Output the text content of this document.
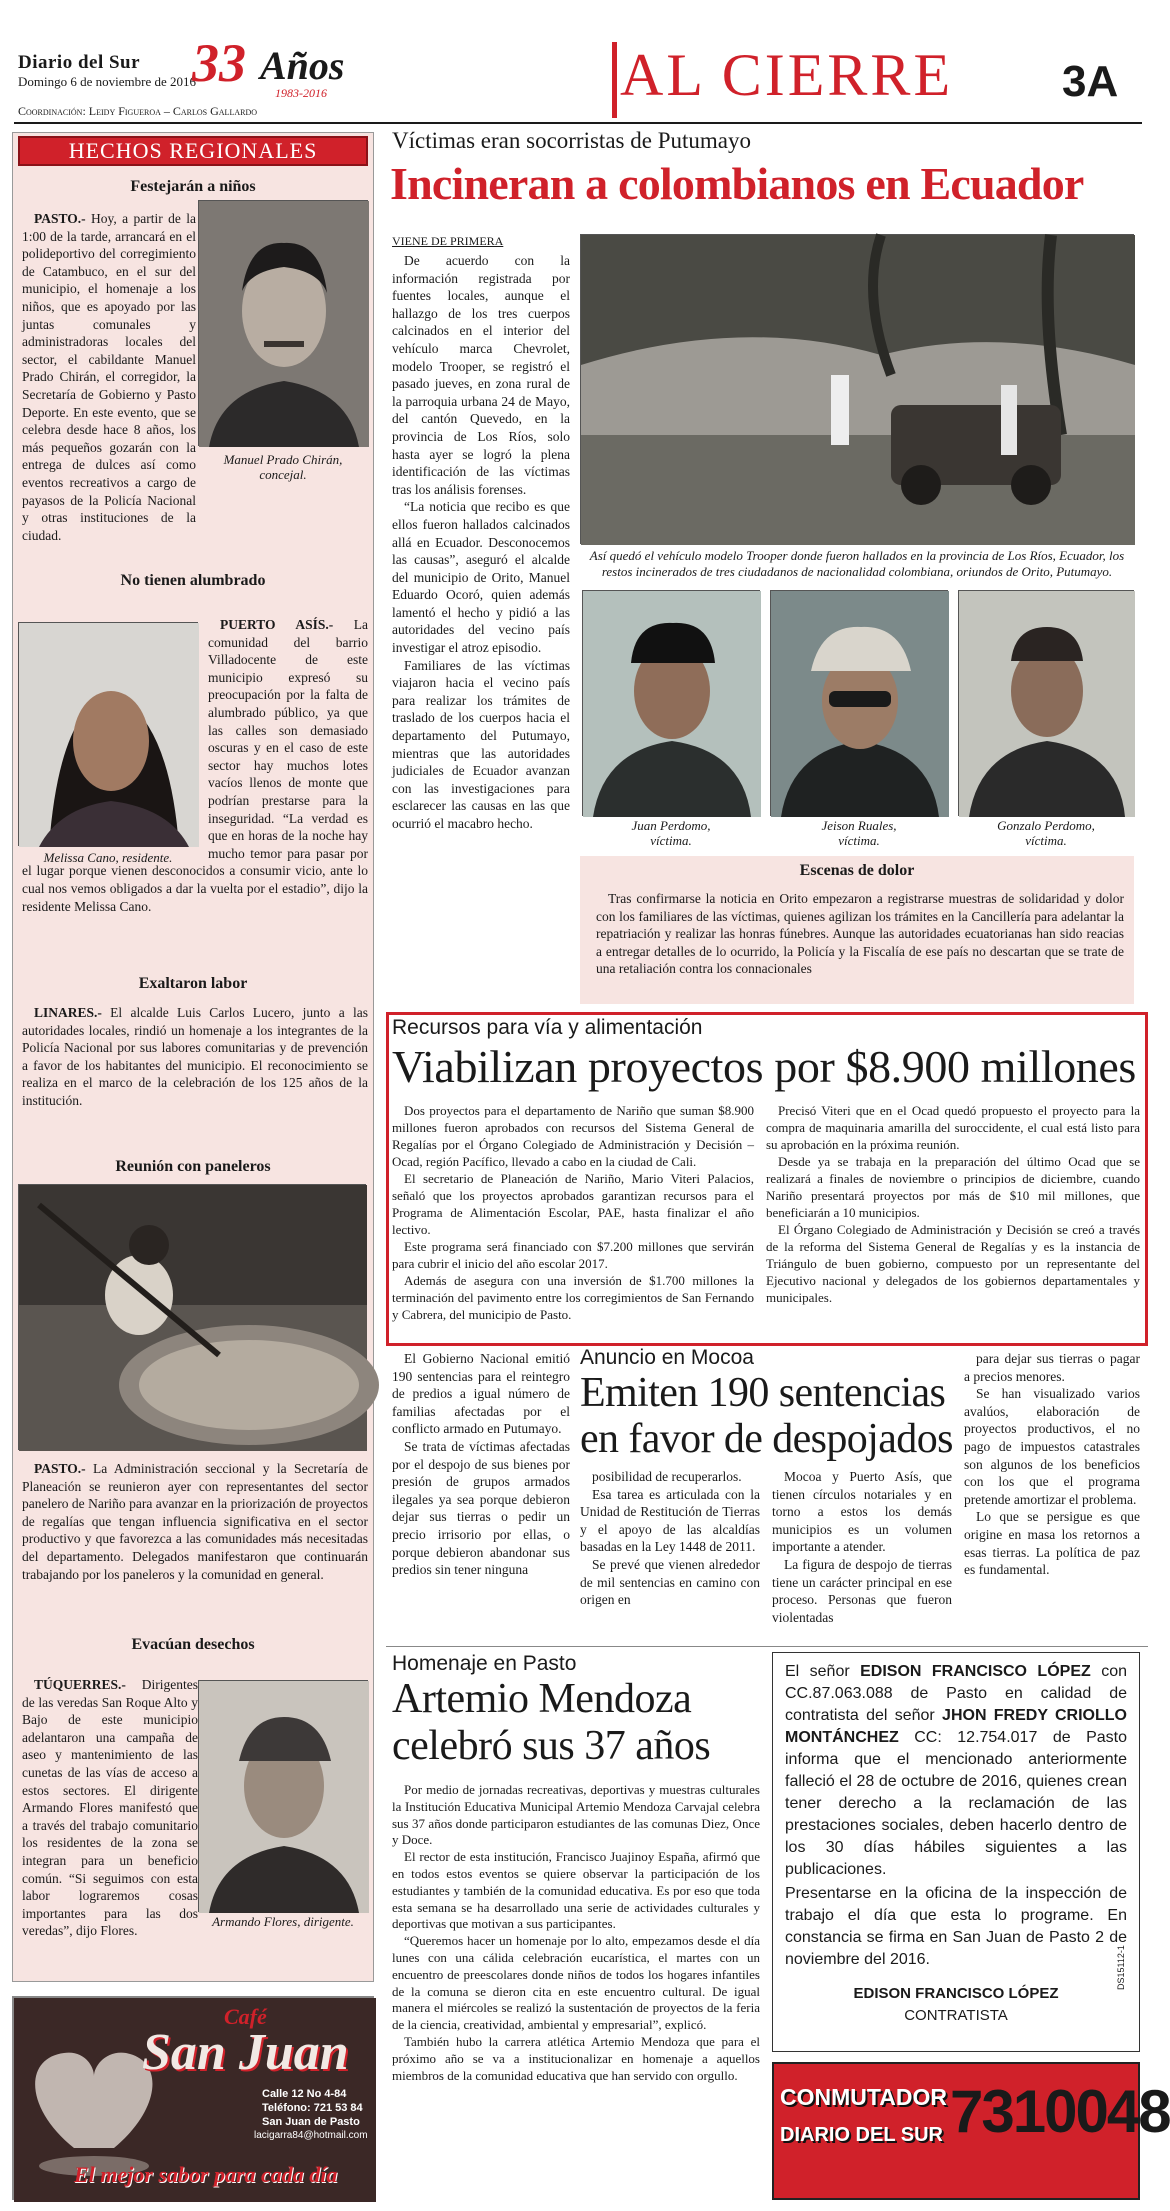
Diario del Sur
Domingo 6 de noviembre de 2016
33 Años
1983-2016
Coordinación: Leidy Figueroa – Carlos Gallardo
AL CIERRE 3A
HECHOS REGIONALES
Festejarán a niños
PASTO.- Hoy, a partir de la 1:00 de la tarde, arrancará en el polideportivo del corregimiento de Catambuco, en el sur del municipio, el homenaje a los niños, que es apoyado por las juntas comunales y administradoras locales del sector, el cabildante Manuel Prado Chirán, el corregidor, la Secretaría de Gobierno y Pasto Deporte. En este evento, que se celebra desde hace 8 años, los más pequeños gozarán con la entrega de dulces así como eventos recreativos a cargo de payasos de la Policía Nacional y otras instituciones de la ciudad.
Manuel Prado Chirán, concejal.
No tienen alumbrado
PUERTO ASÍS.- La comunidad del barrio Villadocente de este municipio expresó su preocupación por la falta de alumbrado público, ya que las calles son demasiado oscuras y en el caso de este sector hay muchos lotes vacíos llenos de monte que podrían prestarse para la inseguridad. “La verdad es que en horas de la noche hay mucho temor para pasar por el lugar porque vienen desconocidos a consumir vicio, ante lo cual nos vemos obligados a dar la vuelta por el estadio”, dijo la residente Melissa Cano.
Melissa Cano, residente.
Exaltaron labor
LINARES.- El alcalde Luis Carlos Lucero, junto a las autoridades locales, rindió un homenaje a los integrantes de la Policía Nacional por sus labores comunitarias y de prevención a favor de los habitantes del municipio. El reconocimiento se realiza en el marco de la celebración de los 125 años de la institución.
Reunión con paneleros
PASTO.- La Administración seccional y la Secretaría de Planeación se reunieron ayer con representantes del sector panelero de Nariño para avanzar en la priorización de proyectos de regalías que tengan influencia significativa en el sector productivo y que favorezca a las comunidades más necesitadas del departamento. Delegados manifestaron que continuarán trabajando por los paneleros y la comunidad en general.
Evacúan desechos
TÚQUERRES.- Dirigentes de las veredas San Roque Alto y Bajo de este municipio adelantaron una campaña de aseo y mantenimiento de las cunetas de las vías de acceso a estos sectores. El dirigente Armando Flores manifestó que a través del trabajo comunitario los residentes de la zona se integran para un beneficio común. “Si seguimos con esta labor lograremos cosas importantes para las dos veredas”, dijo Flores.
Armando Flores, dirigente.
Café
San Juan
Calle 12 No 4-84
Teléfono: 721 53 84
San Juan de Pasto
lacigarra84@hotmail.com
El mejor sabor para cada día
Víctimas eran socorristas de Putumayo
Incineran a colombianos en Ecuador
VIENE DE PRIMERA
De acuerdo con la información registrada por fuentes locales, aunque el hallazgo de los tres cuerpos calcinados en el interior del vehículo marca Chevrolet, modelo Trooper, se registró el pasado jueves, en zona rural de la parroquia urbana 24 de Mayo, del cantón Quevedo, en la provincia de Los Ríos, solo hasta ayer se logró la plena identificación de las víctimas tras los análisis forenses.
“La noticia que recibo es que ellos fueron hallados calcinados allá en Ecuador. Desconocemos las causas”, aseguró el alcalde del municipio de Orito, Manuel Eduardo Ocoró, quien además lamentó el hecho y pidió a las autoridades del vecino país investigar el atroz episodio.
Familiares de las víctimas viajaron hacia el vecino país para realizar los trámites de traslado de los cuerpos hacia el departamento del Putumayo, mientras que las autoridades judiciales de Ecuador avanzan con las investigaciones para esclarecer las causas en las que ocurrió el macabro hecho.
Así quedó el vehículo modelo Trooper donde fueron hallados en la provincia de Los Ríos, Ecuador, los restos incinerados de tres ciudadanos de nacionalidad colombiana, oriundos de Orito, Putumayo.
Juan Perdomo, víctima.
Jeison Ruales, víctima.
Gonzalo Perdomo, víctima.
Escenas de dolor
Tras confirmarse la noticia en Orito empezaron a registrarse muestras de solidaridad y dolor con los familiares de las víctimas, quienes agilizan los trámites en la Cancillería para adelantar la repatriación y realizar las honras fúnebres. Aunque las autoridades ecuatorianas han sido reacias a entregar detalles de lo ocurrido, la Policía y la Fiscalía de ese país no descartan que se trate de una retaliación contra los connacionales
Recursos para vía y alimentación
Viabilizan proyectos por $8.900 millones
Dos proyectos para el departamento de Nariño que suman $8.900 millones fueron aprobados con recursos del Sistema General de Regalías por el Órgano Colegiado de Administración y Decisión – Ocad, región Pacífico, llevado a cabo en la ciudad de Cali.
El secretario de Planeación de Nariño, Mario Viteri Palacios, señaló que los proyectos aprobados garantizan recursos para el Programa de Alimentación Escolar, PAE, hasta finalizar el año lectivo.
Este programa será financiado con $7.200 millones que servirán para cubrir el inicio del año escolar 2017.
Además de asegura con una inversión de $1.700 millones la terminación del pavimento entre los corregimientos de San Fernando y Cabrera, del municipio de Pasto.
Precisó Viteri que en el Ocad quedó propuesto el proyecto para la compra de maquinaria amarilla del suroccidente, el cual está listo para su aprobación en la próxima reunión.
Desde ya se trabaja en la preparación del último Ocad que se realizará a finales de noviembre o principios de diciembre, cuando Nariño presentará proyectos por más de $10 mil millones, que beneficiarán a 10 municipios.
El Órgano Colegiado de Administración y Decisión se creó a través de la reforma del Sistema General de Regalías y es la instancia de Triángulo de buen gobierno, compuesto por un representante del Ejecutivo nacional y delegados de los gobiernos departamentales y municipales.
Anuncio en Mocoa
Emiten 190 sentencias en favor de despojados
El Gobierno Nacional emitió 190 sentencias para el reintegro de predios a igual número de familias afectadas por el conflicto armado en Putumayo.
Se trata de víctimas afectadas por el despojo de sus bienes por presión de grupos armados ilegales ya sea porque debieron dejar sus tierras o pedir un precio irrisorio por ellas, o porque debieron abandonar sus predios sin tener ninguna
posibilidad de recuperarlos.
Esa tarea es articulada con la Unidad de Restitución de Tierras y el apoyo de las alcaldías basadas en la Ley 1448 de 2011.
Se prevé que vienen alrededor de mil sentencias en camino con origen en
Mocoa y Puerto Asís, que tienen círculos notariales y en torno a estos los demás municipios es un volumen importante a atender.
La figura de despojo de tierras tiene un carácter principal en ese proceso. Personas que fueron violentadas
para dejar sus tierras o pagar a precios menores.
Se han visualizado varios avalúos, elaboración de proyectos productivos, el no pago de impuestos catastrales son algunos de los beneficios con los que el programa pretende amortizar el problema.
Lo que se persigue es que origine en masa los retornos a esas tierras. La política de paz es fundamental.
Homenaje en Pasto
Artemio Mendoza celebró sus 37 años
Por medio de jornadas recreativas, deportivas y muestras culturales la Institución Educativa Municipal Artemio Mendoza Carvajal celebra sus 37 años donde participaron estudiantes de las comunas Diez, Once y Doce.
El rector de esta institución, Francisco Juajinoy España, afirmó que en todos estos eventos se quiere observar la participación de los estudiantes y también de la comunidad educativa. Es por eso que toda esta semana se ha desarrollado una serie de actividades culturales y deportivas que motivan a sus participantes.
“Queremos hacer un homenaje por lo alto, empezamos desde el día lunes con una cálida celebración eucarística, el martes con un encuentro de preescolares donde niños de todos los hogares infantiles de la comuna se dieron cita en este encuentro cultural. De igual manera el miércoles se realizó la sustentación de proyectos de la feria de la ciencia, creatividad, ambiental y empresarial”, explicó.
También hubo la carrera atlética Artemio Mendoza que para el próximo año se va a institucionalizar en homenaje a aquellos miembros de la comunidad educativa que han servido con orgullo.
El señor EDISON FRANCISCO LÓPEZ con CC.87.063.088 de Pasto en calidad de contratista del señor JHON FREDY CRIOLLO MONTÁNCHEZ CC: 12.754.017 de Pasto informa que el mencionado anteriormente falleció el 28 de octubre de 2016, quienes crean tener derecho a la reclamación de las prestaciones sociales, deben hacerlo dentro de los 30 días hábiles siguientes a las publicaciones.
Presentarse en la oficina de la inspección de trabajo el día que esta lo programe. En constancia se firma en San Juan de Pasto 2 de noviembre del 2016.
EDISON FRANCISCO LÓPEZ
CONTRATISTA
DS15112-1
CONMUTADOR
DIARIO DEL SUR 7310048
